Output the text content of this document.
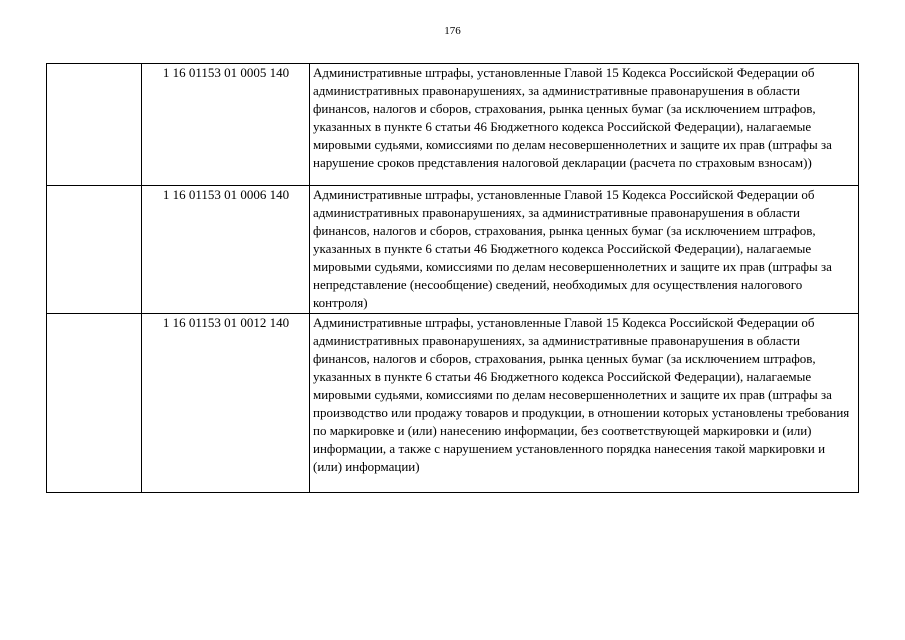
176
	1 16 01153 01 0005 140	Административные штрафы, установленные Главой 15 Кодекса Российской Федерации об административных правонарушениях, за административные правонарушения в области финансов, налогов и сборов, страхования, рынка ценных бумаг (за исключением штрафов, указанных в пункте 6 статьи 46 Бюджетного кодекса Российской Федерации), налагаемые мировыми судьями, комиссиями по делам несовершеннолетних и защите их прав (штрафы за нарушение сроков представления налоговой декларации (расчета по страховым взносам))
	1 16 01153 01 0006 140	Административные штрафы, установленные Главой 15 Кодекса Российской Федерации об административных правонарушениях, за административные правонарушения в области финансов, налогов и сборов, страхования, рынка ценных бумаг (за исключением штрафов, указанных в пункте 6 статьи 46 Бюджетного кодекса Российской Федерации), налагаемые мировыми судьями, комиссиями по делам несовершеннолетних и защите их прав (штрафы за непредставление (несообщение) сведений, необходимых для осуществления налогового контроля)
	1 16 01153 01 0012 140	Административные штрафы, установленные Главой 15 Кодекса Российской Федерации об административных правонарушениях, за административные правонарушения в области финансов, налогов и сборов, страхования, рынка ценных бумаг (за исключением штрафов, указанных в пункте 6 статьи 46 Бюджетного кодекса Российской Федерации), налагаемые мировыми судьями, комиссиями по делам несовершеннолетних и защите их прав (штрафы за производство или продажу товаров и продукции, в отношении которых установлены требования по маркировке и (или) нанесению информации, без соответствующей маркировки и (или) информации, а также с нарушением установленного порядка нанесения такой маркировки и (или) информации)
